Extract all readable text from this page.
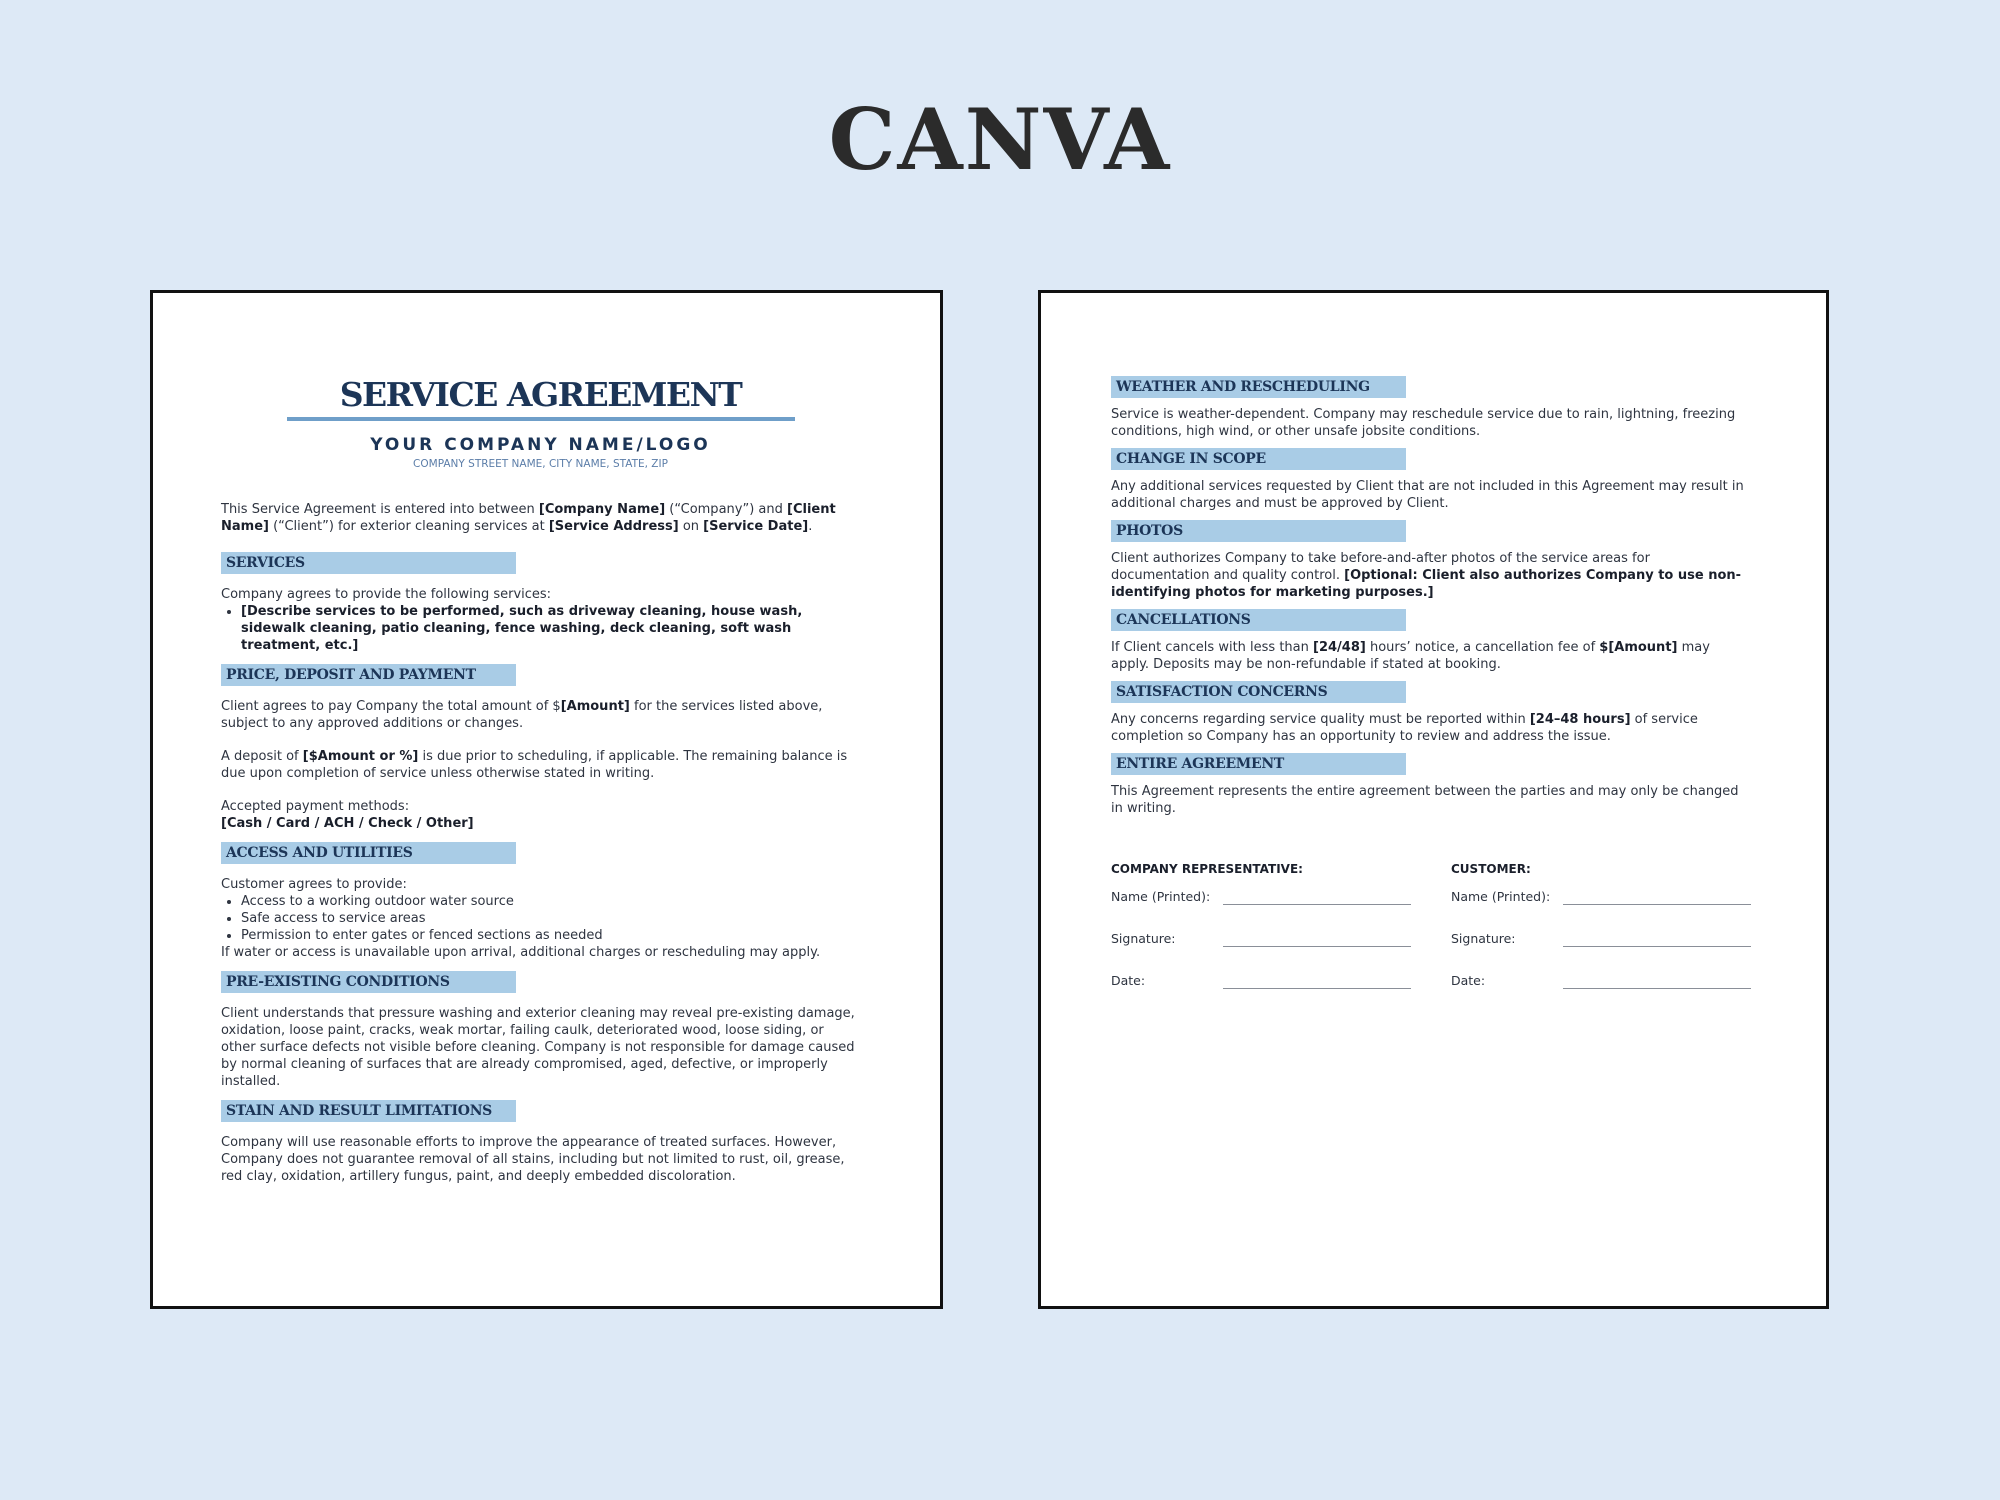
CANVA
SERVICE AGREEMENT
YOUR COMPANY NAME/LOGO
COMPANY STREET NAME, CITY NAME, STATE, ZIP

This Service Agreement is entered into between [Company Name] (“Company”) and [Client Name] (“Client”) for exterior cleaning services at [Service Address] on [Service Date].

SERVICES

Company agrees to provide the following services:

• [Describe services to be performed, such as driveway cleaning, house wash, sidewalk cleaning, patio cleaning, fence washing, deck cleaning, soft wash treatment, etc.]
PRICE, DEPOSIT AND PAYMENT

Client agrees to pay Company the total amount of $[Amount] for the services listed above, subject to any approved additions or changes.

A deposit of [$Amount or %] is due prior to scheduling, if applicable. The remaining balance is due upon completion of service unless otherwise stated in writing.

Accepted payment methods:
[Cash / Card / ACH / Check / Other]

ACCESS AND UTILITIES

Customer agrees to provide:

• Access to a working outdoor water source
• Safe access to service areas
• Permission to enter gates or fenced sections as needed

If water or access is unavailable upon arrival, additional charges or rescheduling may apply.

PRE-EXISTING CONDITIONS

Client understands that pressure washing and exterior cleaning may reveal pre-existing damage, oxidation, loose paint, cracks, weak mortar, failing caulk, deteriorated wood, loose siding, or other surface defects not visible before cleaning. Company is not responsible for damage caused by normal cleaning of surfaces that are already compromised, aged, defective, or improperly installed.

STAIN AND RESULT LIMITATIONS

Company will use reasonable efforts to improve the appearance of treated surfaces. However, Company does not guarantee removal of all stains, including but not limited to rust, oil, grease, red clay, oxidation, artillery fungus, paint, and deeply embedded discoloration.

WEATHER AND RESCHEDULING

Service is weather-dependent. Company may reschedule service due to rain, lightning, freezing conditions, high wind, or other unsafe jobsite conditions.

CHANGE IN SCOPE

Any additional services requested by Client that are not included in this Agreement may result in additional charges and must be approved by Client.

PHOTOS

Client authorizes Company to take before-and-after photos of the service areas for documentation and quality control. [Optional: Client also authorizes Company to use non-identifying photos for marketing purposes.]

CANCELLATIONS

If Client cancels with less than [24/48] hours’ notice, a cancellation fee of $[Amount] may apply. Deposits may be non-refundable if stated at booking.

SATISFACTION CONCERNS

Any concerns regarding service quality must be reported within [24–48 hours] of service completion so Company has an opportunity to review and address the issue.

ENTIRE AGREEMENT

This Agreement represents the entire agreement between the parties and may only be changed in writing.

COMPANY REPRESENTATIVE:
Name (Printed):
Signature:
Date:
CUSTOMER:
Name (Printed):
Signature:
Date:
